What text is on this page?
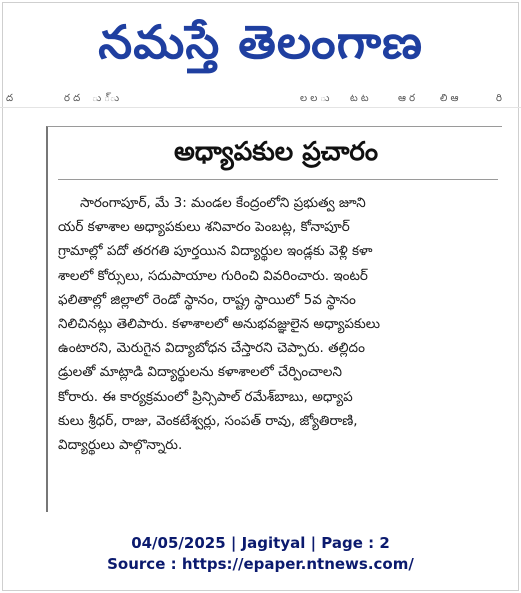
నమస్తే తెలంగాణ
ద	ర ద ు ్ు	ల ల ు ట ట	ఆ ర లి ఆ	రి
అధ్యాపకుల ప్రచారం
సారంగాపూర్, మే 3: మండల కేంద్రంలోని ప్రభుత్వ జూని
యర్ కళాశాల అధ్యాపకులు శనివారం పెంబట్ల, కోనాపూర్
గ్రామాల్లో పదో తరగతి పూర్తయిన విద్యార్థుల ఇండ్లకు వెళ్లి కళా
శాలలో కోర్సులు, సదుపాయాల గురించి వివరించారు. ఇంటర్
ఫలితాల్లో జిల్లాలో రెండో స్థానం, రాష్ట్ర స్థాయిలో 5వ స్థానం
నిలిచినట్లు తెలిపారు. కళాశాలలో అనుభవజ్ఞులైన అధ్యాపకులు
ఉంటారని, మెరుగైన విద్యాబోధన చేస్తారని చెప్పారు. తల్లిదం
డ్రులతో మాట్లాడి విద్యార్థులను కళాశాలలో చేర్పించాలని
కోరారు. ఈ కార్యక్రమంలో ప్రిన్సిపాల్ రమేశ్‌బాబు, అధ్యాప
కులు శ్రీధర్, రాజు, వెంకటేశ్వర్లు, సంపత్ రావు, జ్యోతిరాణి,
విద్యార్థులు పాల్గొన్నారు.
04/05/2025 | Jagityal | Page : 2
Source : https://epaper.ntnews.com/
